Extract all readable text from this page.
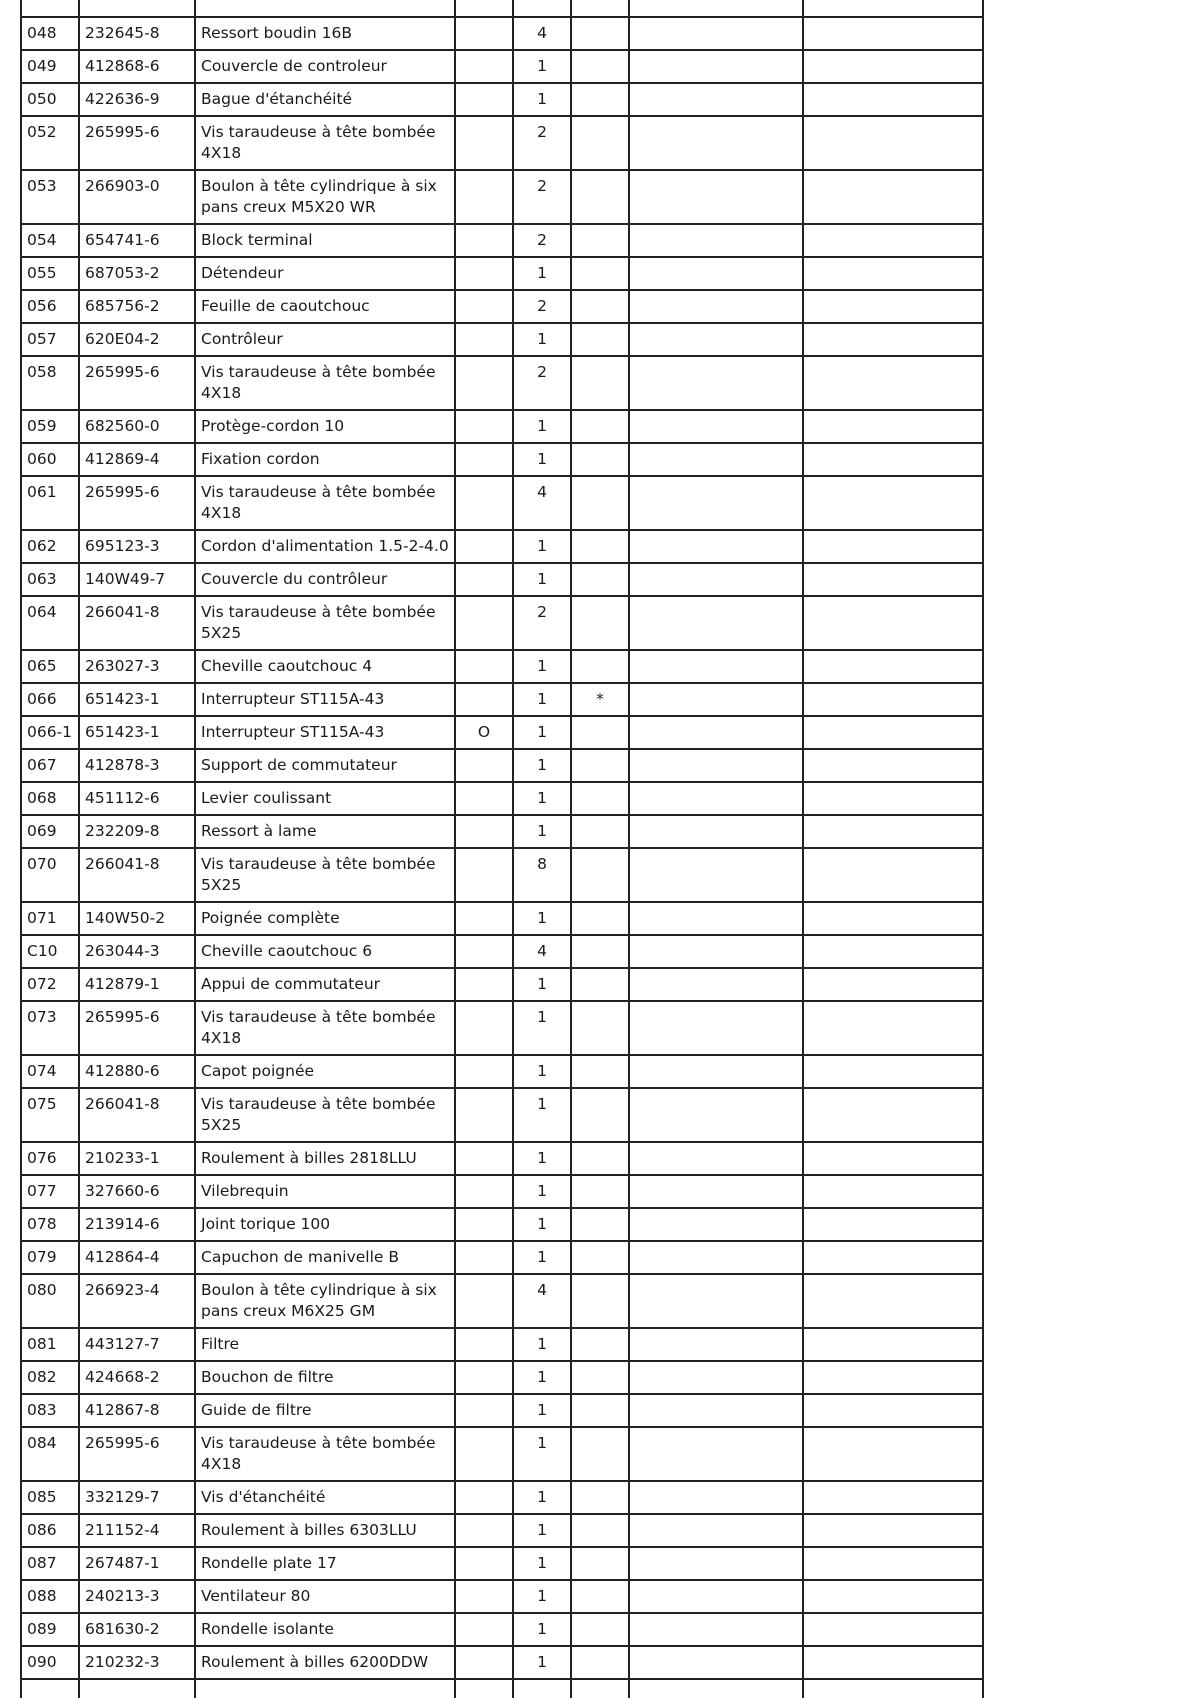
048	232645-8	Ressort boudin 16B		4			
049	412868-6	Couvercle de controleur		1			
050	422636-9	Bague d'étanchéité		1			
052	265995-6	Vis taraudeuse à tête bombée 4X18		2			
053	266903-0	Boulon à tête cylindrique à six pans creux M5X20 WR		2			
054	654741-6	Block terminal		2			
055	687053-2	Détendeur		1			
056	685756-2	Feuille de caoutchouc		2			
057	620E04-2	Contrôleur		1			
058	265995-6	Vis taraudeuse à tête bombée 4X18		2			
059	682560-0	Protège-cordon 10		1			
060	412869-4	Fixation cordon		1			
061	265995-6	Vis taraudeuse à tête bombée 4X18		4			
062	695123-3	Cordon d'alimentation 1.5-2-4.0		1			
063	140W49-7	Couvercle du contrôleur		1			
064	266041-8	Vis taraudeuse à tête bombée 5X25		2			
065	263027-3	Cheville caoutchouc 4		1			
066	651423-1	Interrupteur ST115A-43		1	*		
066-1	651423-1	Interrupteur ST115A-43	O	1			
067	412878-3	Support de commutateur		1			
068	451112-6	Levier coulissant		1			
069	232209-8	Ressort à lame		1			
070	266041-8	Vis taraudeuse à tête bombée 5X25		8			
071	140W50-2	Poignée complète		1			
C10	263044-3	Cheville caoutchouc 6		4			
072	412879-1	Appui de commutateur		1			
073	265995-6	Vis taraudeuse à tête bombée 4X18		1			
074	412880-6	Capot poignée		1			
075	266041-8	Vis taraudeuse à tête bombée 5X25		1			
076	210233-1	Roulement à billes 2818LLU		1			
077	327660-6	Vilebrequin		1			
078	213914-6	Joint torique 100		1			
079	412864-4	Capuchon de manivelle B		1			
080	266923-4	Boulon à tête cylindrique à six pans creux M6X25 GM		4			
081	443127-7	Filtre		1			
082	424668-2	Bouchon de filtre		1			
083	412867-8	Guide de filtre		1			
084	265995-6	Vis taraudeuse à tête bombée 4X18		1			
085	332129-7	Vis d'étanchéité		1			
086	211152-4	Roulement à billes 6303LLU		1			
087	267487-1	Rondelle plate 17		1			
088	240213-3	Ventilateur 80		1			
089	681630-2	Rondelle isolante		1			
090	210232-3	Roulement à billes 6200DDW		1			
